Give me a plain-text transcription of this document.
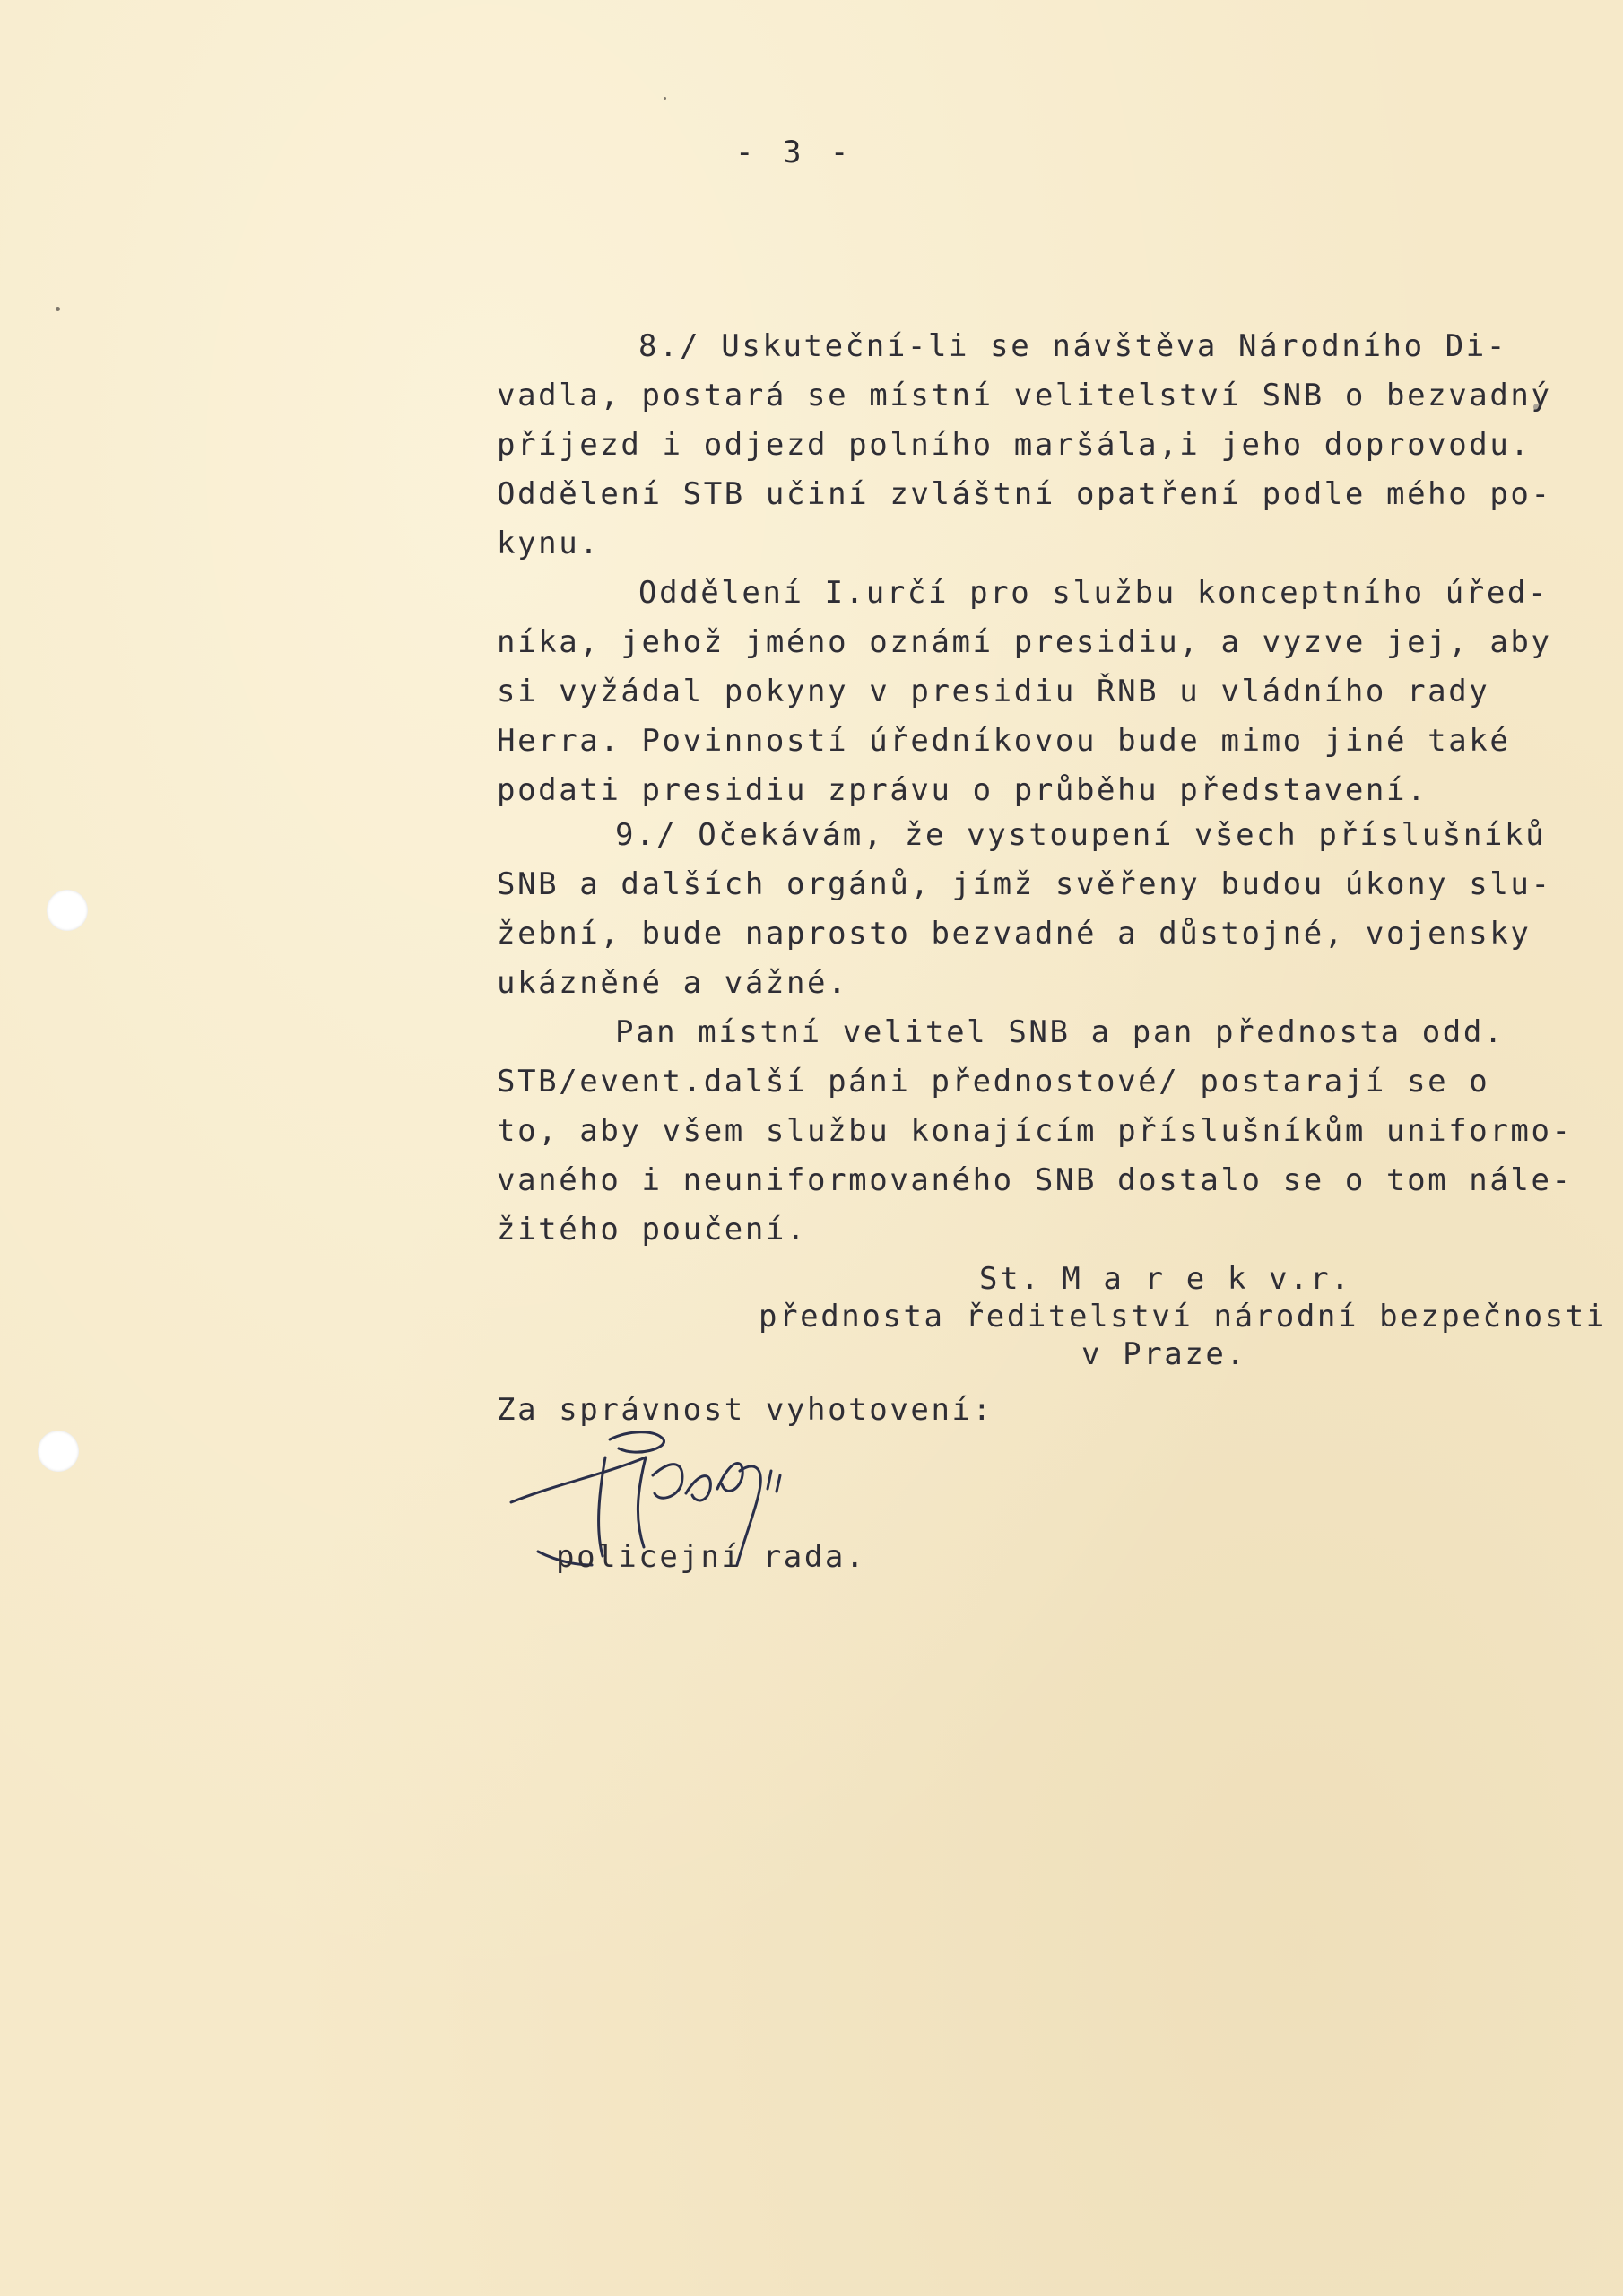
- 3 -
8./ Uskuteční-li se návštěva Národního Di-
vadla, postará se místní velitelství SNB o bezvadný
příjezd i odjezd polního maršála,i jeho doprovodu.
Oddělení STB učiní zvláštní opatření podle mého po-
kynu.
Oddělení I.určí pro službu konceptního úřed-
níka, jehož jméno oznámí presidiu, a vyzve jej, aby
si vyžádal pokyny v presidiu ŘNB u vládního rady
Herra. Povinností úředníkovou bude mimo jiné také
podati presidiu zprávu o průběhu představení.
9./ Očekávám, že vystoupení všech příslušníků
SNB a dalších orgánů, jímž svěřeny budou úkony slu-
žební, bude naprosto bezvadné a důstojné, vojensky
ukázněné a vážné.
Pan místní velitel SNB a pan přednosta odd.
STB/event.další páni přednostové/ postarají se o
to, aby všem službu konajícím příslušníkům uniformo-
vaného i neuniformovaného SNB dostalo se o tom nále-
žitého poučení.
St. M a r e k v.r.
přednosta ředitelství národní bezpečnosti
v Praze.
Za správnost vyhotovení:
policejní rada.
